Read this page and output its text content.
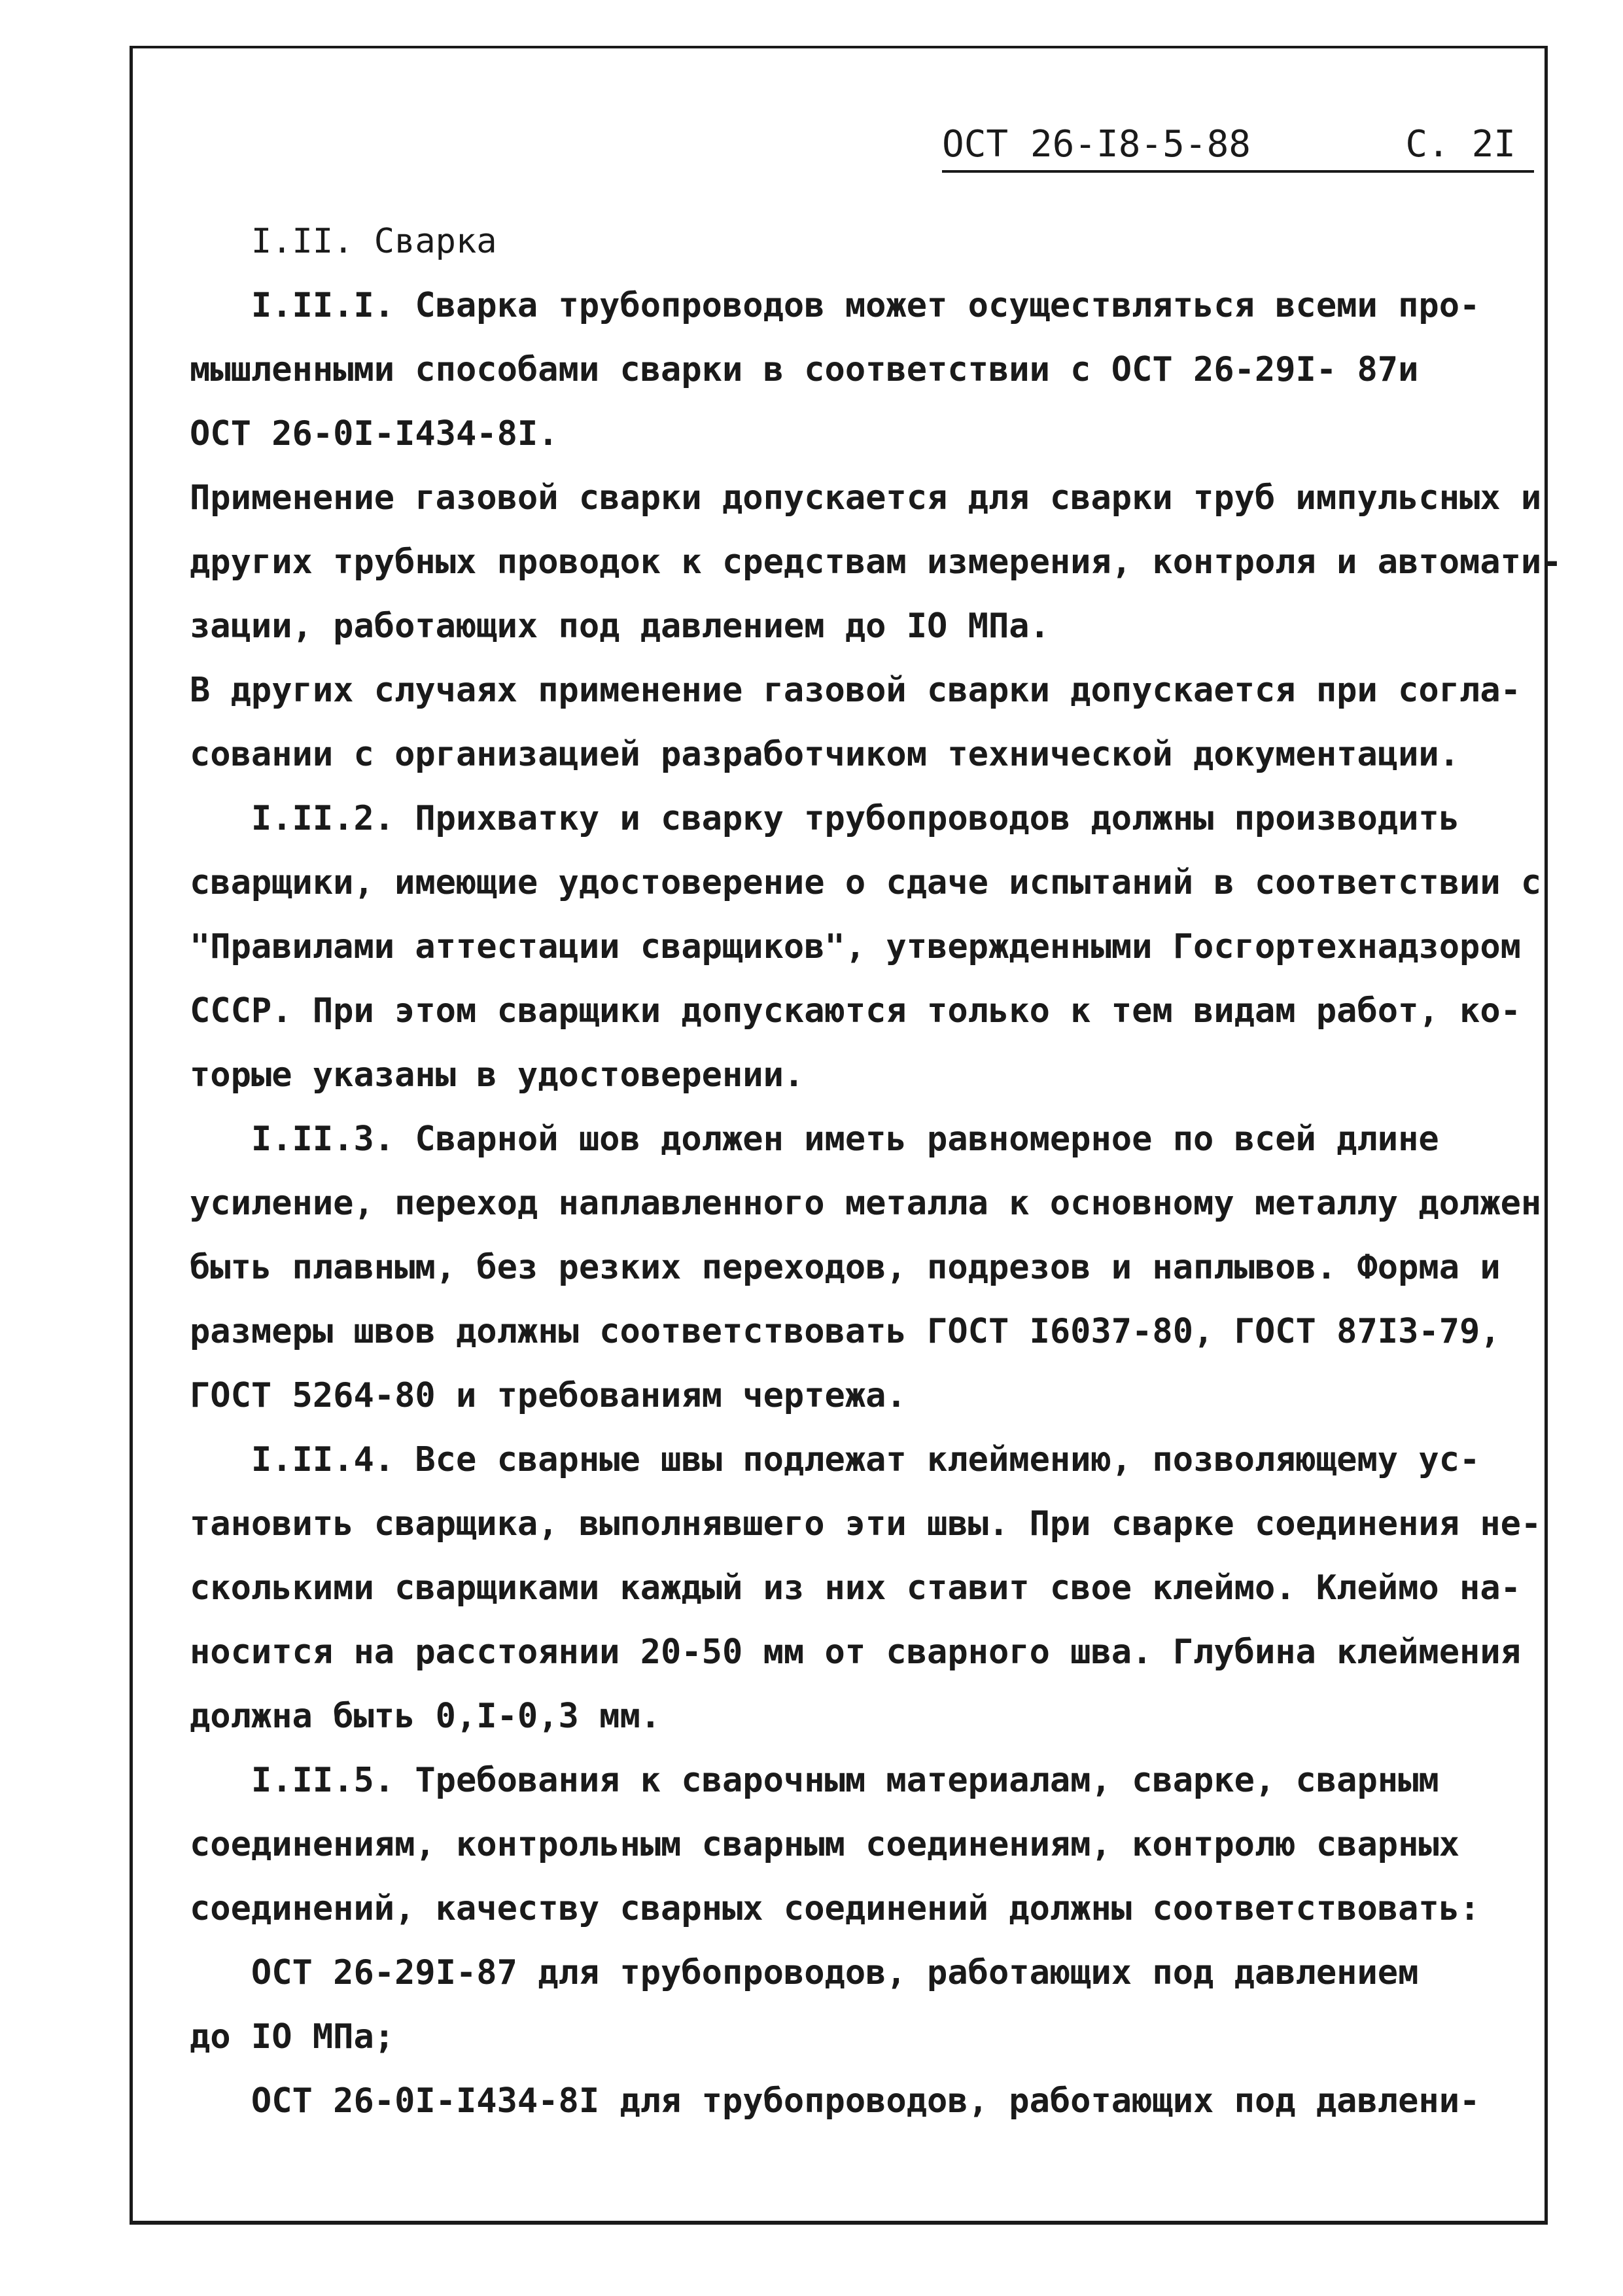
ОСТ 26-I8-5-88	С. 2I
I.II. Сварка
I.II.I. Сварка трубопроводов может осуществляться всеми про-
мышленными способами сварки в соответствии с ОСТ 26-29I- 87и
ОСТ 26-0I-I434-8I.
Применение газовой сварки допускается для сварки труб импульсных и
других трубных проводок к средствам измерения, контроля и автомати-
зации, работающих под давлением до IO МПа.
В других случаях применение газовой сварки допускается при согла-
совании с организацией разработчиком технической документации.
I.II.2. Прихватку и сварку трубопроводов должны производить
сварщики, имеющие удостоверение о сдаче испытаний в соответствии с
"Правилами аттестации сварщиков", утвержденными Госгортехнадзором
СССР. При этом сварщики допускаются только к тем видам работ, ко-
торые указаны в удостоверении.
I.II.3. Сварной шов должен иметь равномерное по всей длине
усиление, переход наплавленного металла к основному металлу должен
быть плавным, без резких переходов, подрезов и наплывов. Форма и
размеры швов должны соответствовать ГОСТ I6037-80, ГОСТ 87I3-79,
ГОСТ 5264-80 и требованиям чертежа.
I.II.4. Все сварные швы подлежат клеймению, позволяющему ус-
тановить сварщика, выполнявшего эти швы. При сварке соединения не-
сколькими сварщиками каждый из них ставит свое клеймо. Клеймо на-
носится на расстоянии 20-50 мм от сварного шва. Глубина клеймения
должна быть 0,I-0,3 мм.
I.II.5. Требования к сварочным материалам, сварке, сварным
соединениям, контрольным сварным соединениям, контролю сварных
соединений, качеству сварных соединений должны соответствовать:
ОСТ 26-29I-87 для трубопроводов, работающих под давлением
до IO МПа;
ОСТ 26-0I-I434-8I для трубопроводов, работающих под давлени-
